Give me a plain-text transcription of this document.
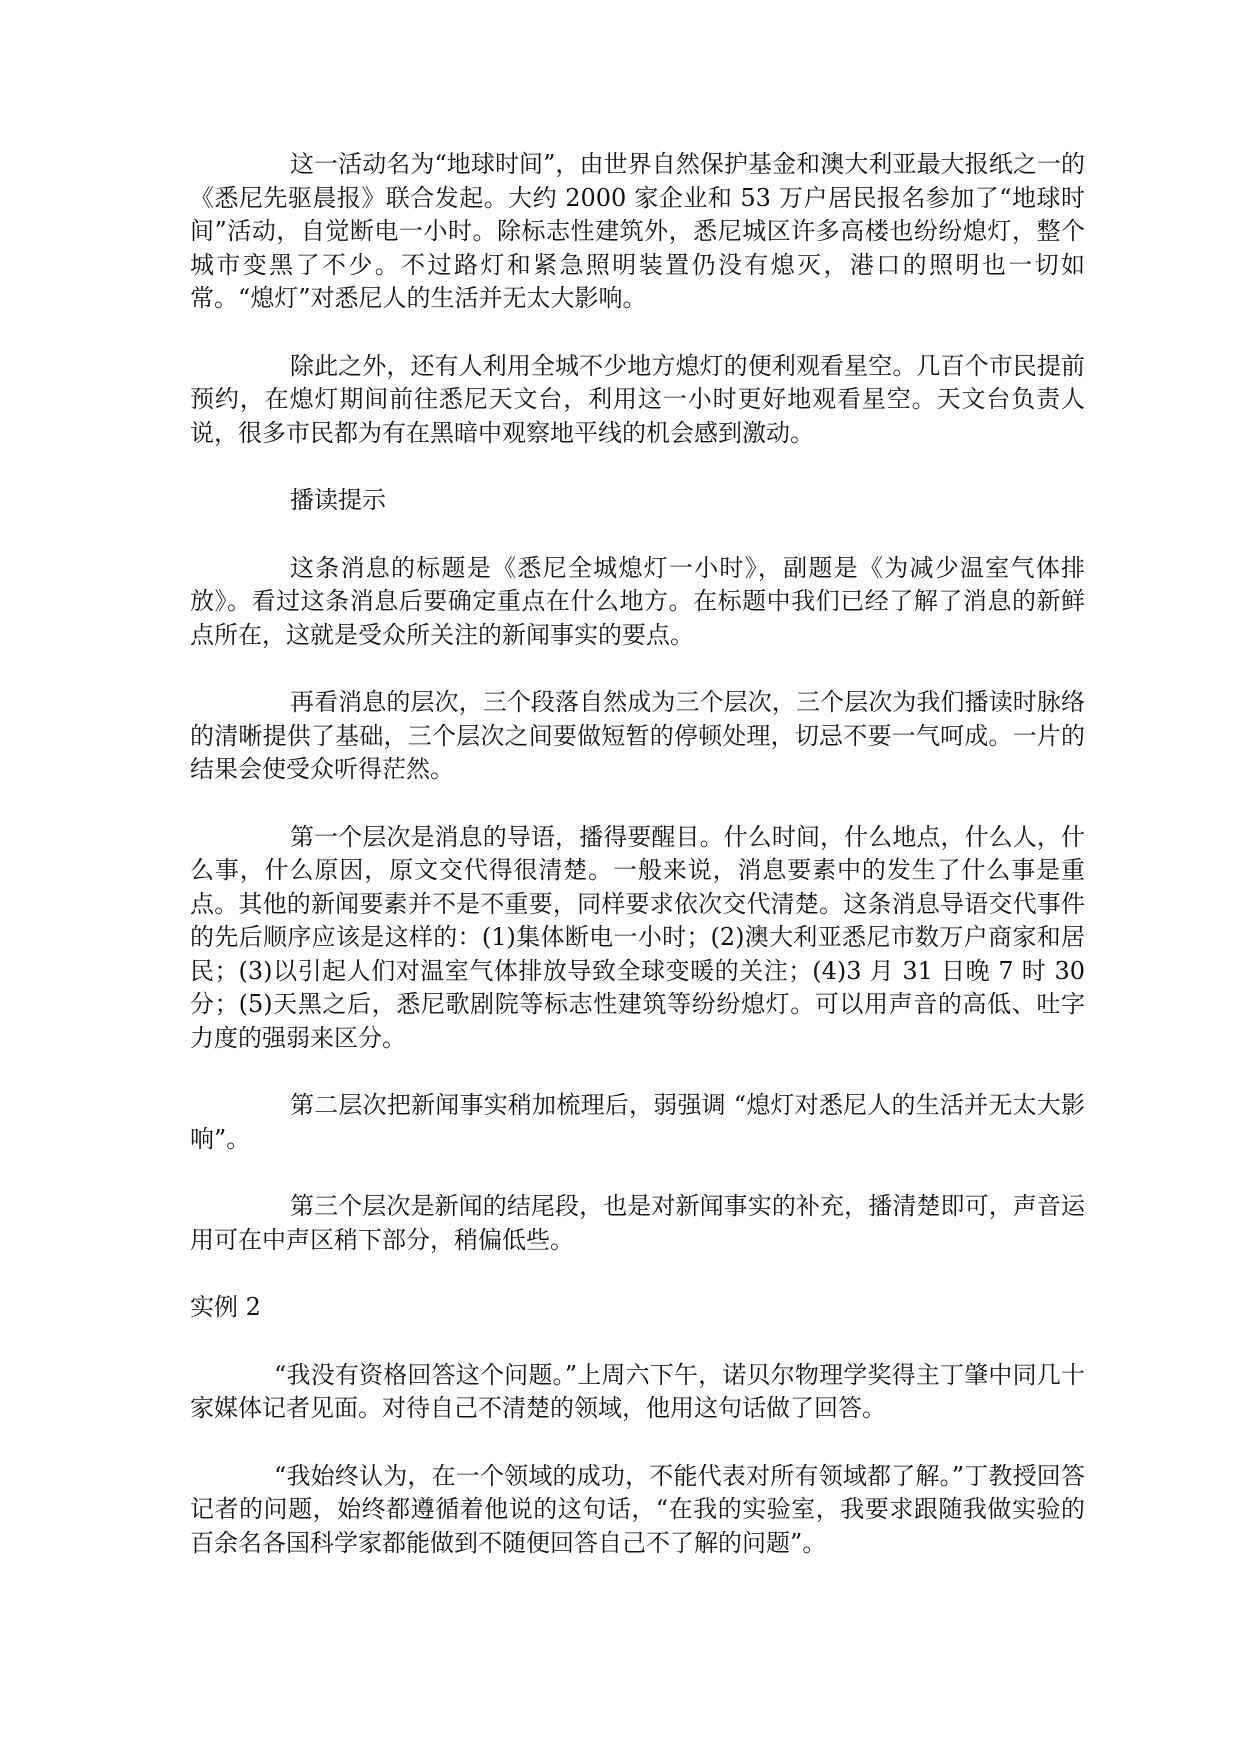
这一活动名为“地球时间”，由世界自然保护基金和澳大利亚最大报纸之一的《悉尼先驱晨报》联合发起。大约 2000 家企业和 53 万户居民报名参加了“地球时间”活动，自觉断电一小时。除标志性建筑外，悉尼城区许多高楼也纷纷熄灯，整个城市变黑了不少。不过路灯和紧急照明装置仍没有熄灭，港口的照明也一切如常。“熄灯”对悉尼人的生活并无太大影响。

除此之外，还有人利用全城不少地方熄灯的便利观看星空。几百个市民提前预约，在熄灯期间前往悉尼天文台，利用这一小时更好地观看星空。天文台负责人说，很多市民都为有在黑暗中观察地平线的机会感到激动。

播读提示

这条消息的标题是《悉尼全城熄灯一小时》，副题是《为减少温室气体排放》。看过这条消息后要确定重点在什么地方。在标题中我们已经了解了消息的新鲜点所在，这就是受众所关注的新闻事实的要点。

再看消息的层次，三个段落自然成为三个层次，三个层次为我们播读时脉络的清晰提供了基础，三个层次之间要做短暂的停顿处理，切忌不要一气呵成。一片的结果会使受众听得茫然。

第一个层次是消息的导语，播得要醒目。什么时间，什么地点，什么人，什么事，什么原因，原文交代得很清楚。一般来说，消息要素中的发生了什么事是重点。其他的新闻要素并不是不重要，同样要求依次交代清楚。这条消息导语交代事件的先后顺序应该是这样的：(1)集体断电一小时；(2)澳大利亚悉尼市数万户商家和居民；(3)以引起人们对温室气体排放导致全球变暖的关注；(4)3 月 31 日晚 7 时 30 分；(5)天黑之后，悉尼歌剧院等标志性建筑等纷纷熄灯。可以用声音的高低、吐字力度的强弱来区分。

第二层次把新闻事实稍加梳理后，弱强调 “熄灯对悉尼人的生活并无太大影响”。

第三个层次是新闻的结尾段，也是对新闻事实的补充，播清楚即可，声音运用可在中声区稍下部分，稍偏低些。

实例 2

“我没有资格回答这个问题。”上周六下午，诺贝尔物理学奖得主丁肇中同几十家媒体记者见面。对待自己不清楚的领域，他用这句话做了回答。

“我始终认为，在一个领域的成功，不能代表对所有领域都了解。”丁教授回答记者的问题，始终都遵循着他说的这句话，“在我的实验室，我要求跟随我做实验的百余名各国科学家都能做到不随便回答自己不了解的问题”。
